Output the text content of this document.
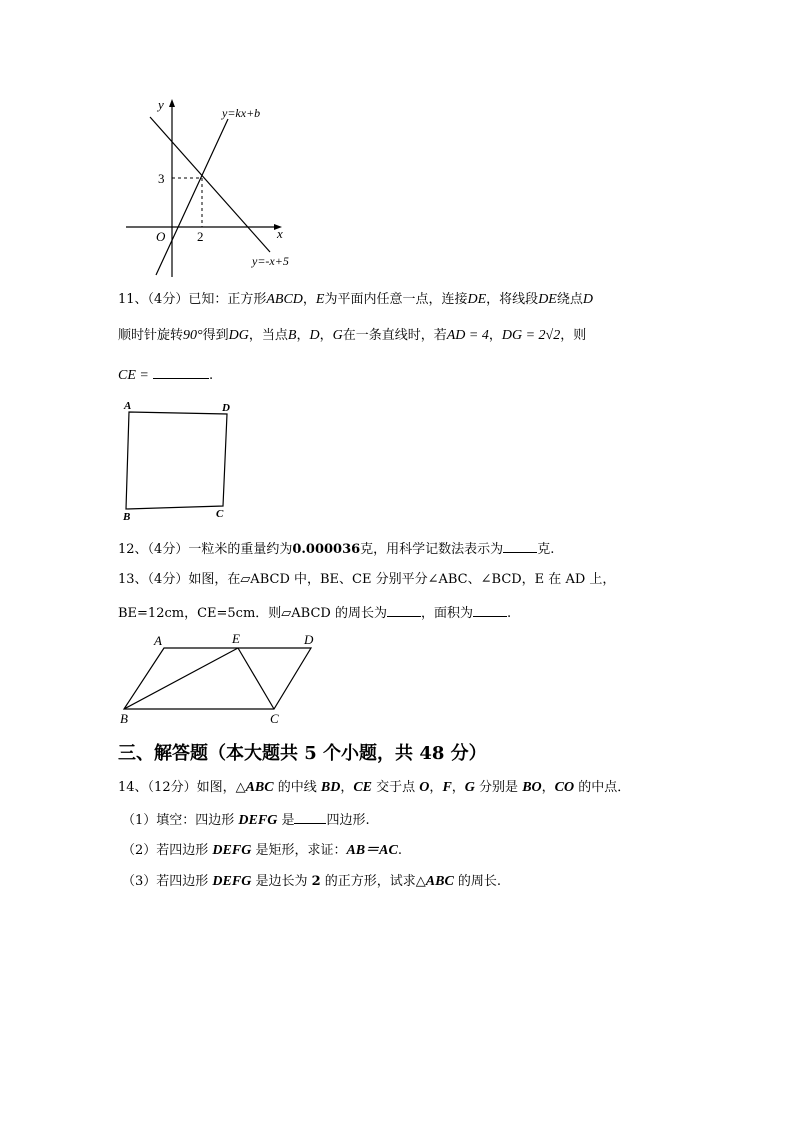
y
x
O 2
3
y=kx+b
y=-x+5
11、（4分）已知：正方形ABCD，E为平面内任意一点，连接DE，将线段DE绕点D
顺时针旋转90°得到DG，当点B，D，G在一条直线时，若AD = 4，DG = 2√2，则
CE =	.
A	D
B	C
12、（4分）一粒米的重量约为0.000036克，用科学记数法表示为	克.
13、（4分）如图，在▱ABCD 中，BE、CE 分别平分∠ABC、∠BCD，E 在 AD 上，
BE=12cm，CE=5cm．则▱ABCD 的周长为	，面积为	.
A	E	D
B	C
三、解答题（本大题共 5 个小题，共 48 分）
14、（12分）如图，△ABC 的中线 BD，CE 交于点 O，F，G 分别是 BO，CO 的中点．
（1）填空：四边形 DEFG 是 四边形.
（2）若四边形 DEFG 是矩形，求证：AB＝AC.
（3）若四边形 DEFG 是边长为 2 的正方形，试求△ABC 的周长.
